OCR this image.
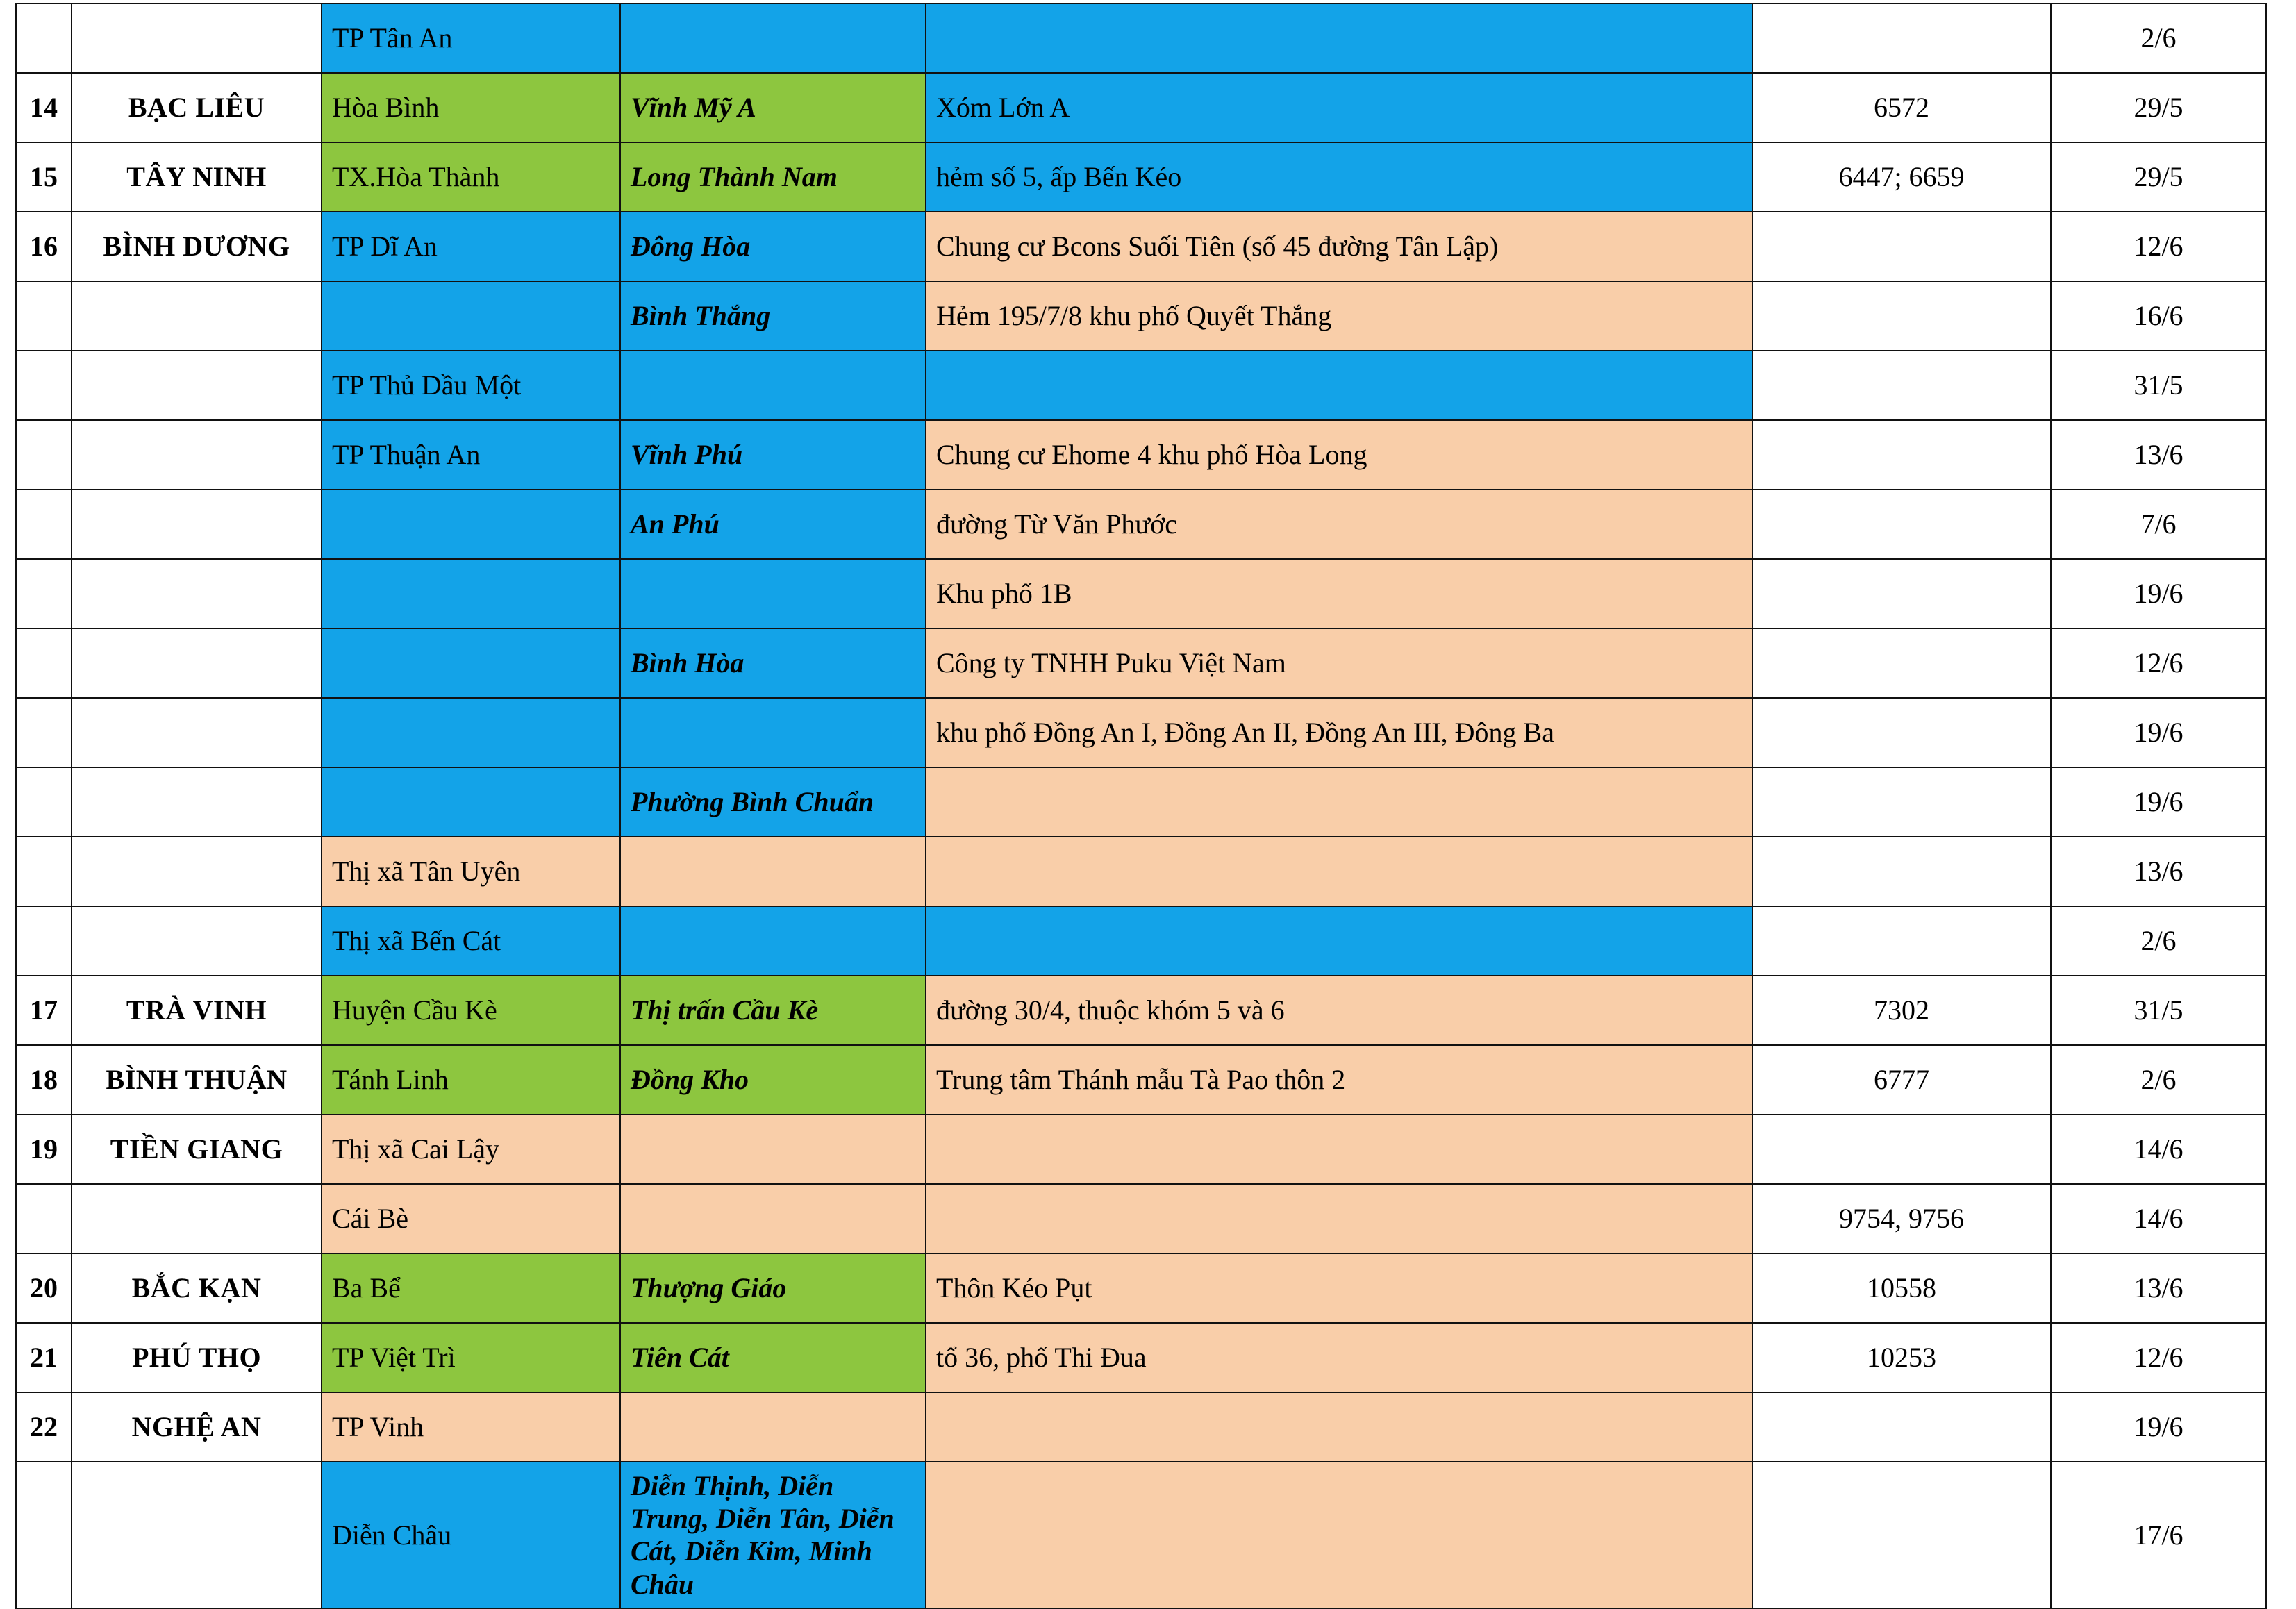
		TP Tân An				2/6
14	BẠC LIÊU	Hòa Bình	Vĩnh Mỹ A	Xóm Lớn A	6572	29/5
15	TÂY NINH	TX.Hòa Thành	Long Thành Nam	hẻm số 5, ấp Bến Kéo	6447; 6659	29/5
16	BÌNH DƯƠNG	TP Dĩ An	Đông Hòa	Chung cư Bcons Suối Tiên (số 45 đường Tân Lập)		12/6
			Bình Thắng	Hẻm 195/7/8 khu phố Quyết Thắng		16/6
		TP Thủ Dầu Một				31/5
		TP Thuận An	Vĩnh Phú	Chung cư Ehome 4 khu phố Hòa Long		13/6
			An Phú	đường Từ Văn Phước		7/6
				Khu phố 1B		19/6
			Bình Hòa	Công ty TNHH Puku Việt Nam		12/6
				khu phố Đồng An I, Đồng An II, Đồng An III, Đông Ba		19/6
			Phường Bình Chuẩn			19/6
		Thị xã Tân Uyên				13/6
		Thị xã Bến Cát				2/6
17	TRÀ VINH	Huyện Cầu Kè	Thị trấn Cầu Kè	đường 30/4, thuộc khóm 5 và 6	7302	31/5
18	BÌNH THUẬN	Tánh Linh	Đồng Kho	Trung tâm Thánh mẫu Tà Pao thôn 2	6777	2/6
19	TIỀN GIANG	Thị xã Cai Lậy				14/6
		Cái Bè			9754, 9756	14/6
20	BẮC KẠN	Ba Bể	Thượng Giáo	Thôn Kéo Pụt	10558	13/6
21	PHÚ THỌ	TP Việt Trì	Tiên Cát	tổ 36, phố Thi Đua	10253	12/6
22	NGHỆ AN	TP Vinh				19/6
		Diễn Châu	Diễn Thịnh, Diễn Trung, Diễn Tân, Diễn Cát, Diễn Kim, Minh Châu			17/6
